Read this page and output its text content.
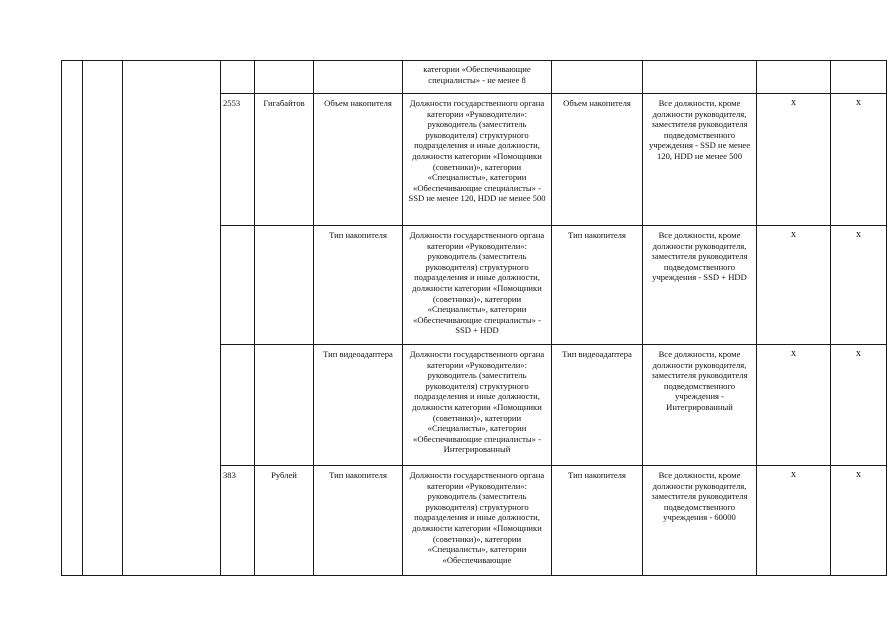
						категории «Обеспечивающие специалисты» - не менее 8				

			2553	Гигабайтов	Объем накопителя	Должности государственного органа категории «Руководители»: руководитель (заместитель руководителя) структурного подразделения и иные должности, должности категории «Помощники (советники)», категории «Специалисты», категории «Обеспечивающие специалисты» - SSD не менее 120, HDD не менее 500	Объем накопителя	Все должности, кроме должности руководителя, заместителя руководителя подведомственного учреждения - SSD не менее 120, HDD не менее 500	х	х
					Тип накопителя	Должности государственного органа категории «Руководители»: руководитель (заместитель руководителя) структурного подразделения и иные должности, должности категории «Помощники (советники)», категории «Специалисты», категории «Обеспечивающие специалисты» - SSD + HDD	Тип накопителя	Все должности, кроме должности руководителя, заместителя руководителя подведомственного учреждения - SSD + HDD	х	х
					Тип видеоадаптера	Должности государственного органа категории «Руководители»: руководитель (заместитель руководителя) структурного подразделения и иные должности, должности категории «Помощники (советники)», категории «Специалисты», категории «Обеспечивающие специалисты» - Интегрированный	Тип видеоадаптера	Все должности, кроме должности руководителя, заместителя руководителя подведомственного учреждения - Интегрированный	х	х
			383	Рублей	Тип накопителя	Должности государственного органа категории «Руководители»: руководитель (заместитель руководителя) структурного подразделения и иные должности, должности категории «Помощники (советники)», категории «Специалисты», категории «Обеспечивающие	Тип накопителя	Все должности, кроме должности руководителя, заместителя руководителя подведомственного учреждения - 60000	х	х
